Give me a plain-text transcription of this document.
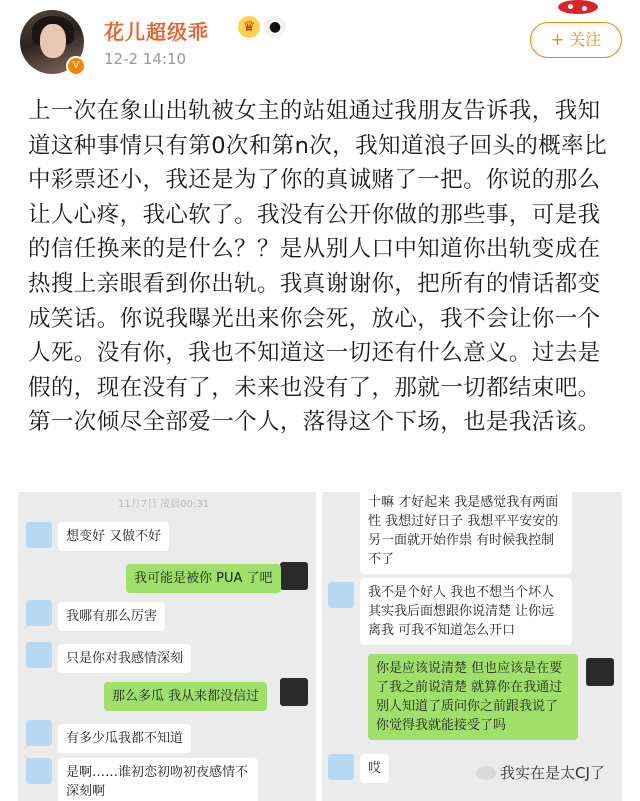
V
花儿超级乖	♛ ●
12-2 14:10
+ 关注
上一次在象山出轨被女主的站姐通过我朋友告诉我，我知道这种事情只有第0次和第n次，我知道浪子回头的概率比中彩票还小，我还是为了你的真诚赌了一把。你说的那么让人心疼，我心软了。我没有公开你做的那些事，可是我的信任换来的是什么？？是从别人口中知道你出轨变成在热搜上亲眼看到你出轨。我真谢谢你，把所有的情话都变成笑话。你说我曝光出来你会死，放心，我不会让你一个人死。没有你，我也不知道这一切还有什么意义。过去是假的，现在没有了，未来也没有了，那就一切都结束吧。第一次倾尽全部爱一个人，落得这个下场，也是我活该。
11月7日 凌晨00:31
想变好 又做不好
我可能是被你 PUA 了吧
我哪有那么厉害
只是你对我感情深刻
那么多瓜 我从来都没信过
有多少瓜我都不知道
是啊……谁初恋初吻初夜感情不深刻啊
十嘛 才好起来 我是感觉我有两面性 我想过好日子 我想平平安安的另一面就开始作祟 有时候我控制不了
我不是个好人 我也不想当个坏人 其实我后面想跟你说清楚 让你远离我 可我不知道怎么开口
你是应该说清楚 但也应该是在要了我之前说清楚 就算你在我通过别人知道了质问你之前跟我说了 你觉得我就能接受了吗
哎	我实在是太CJ了
